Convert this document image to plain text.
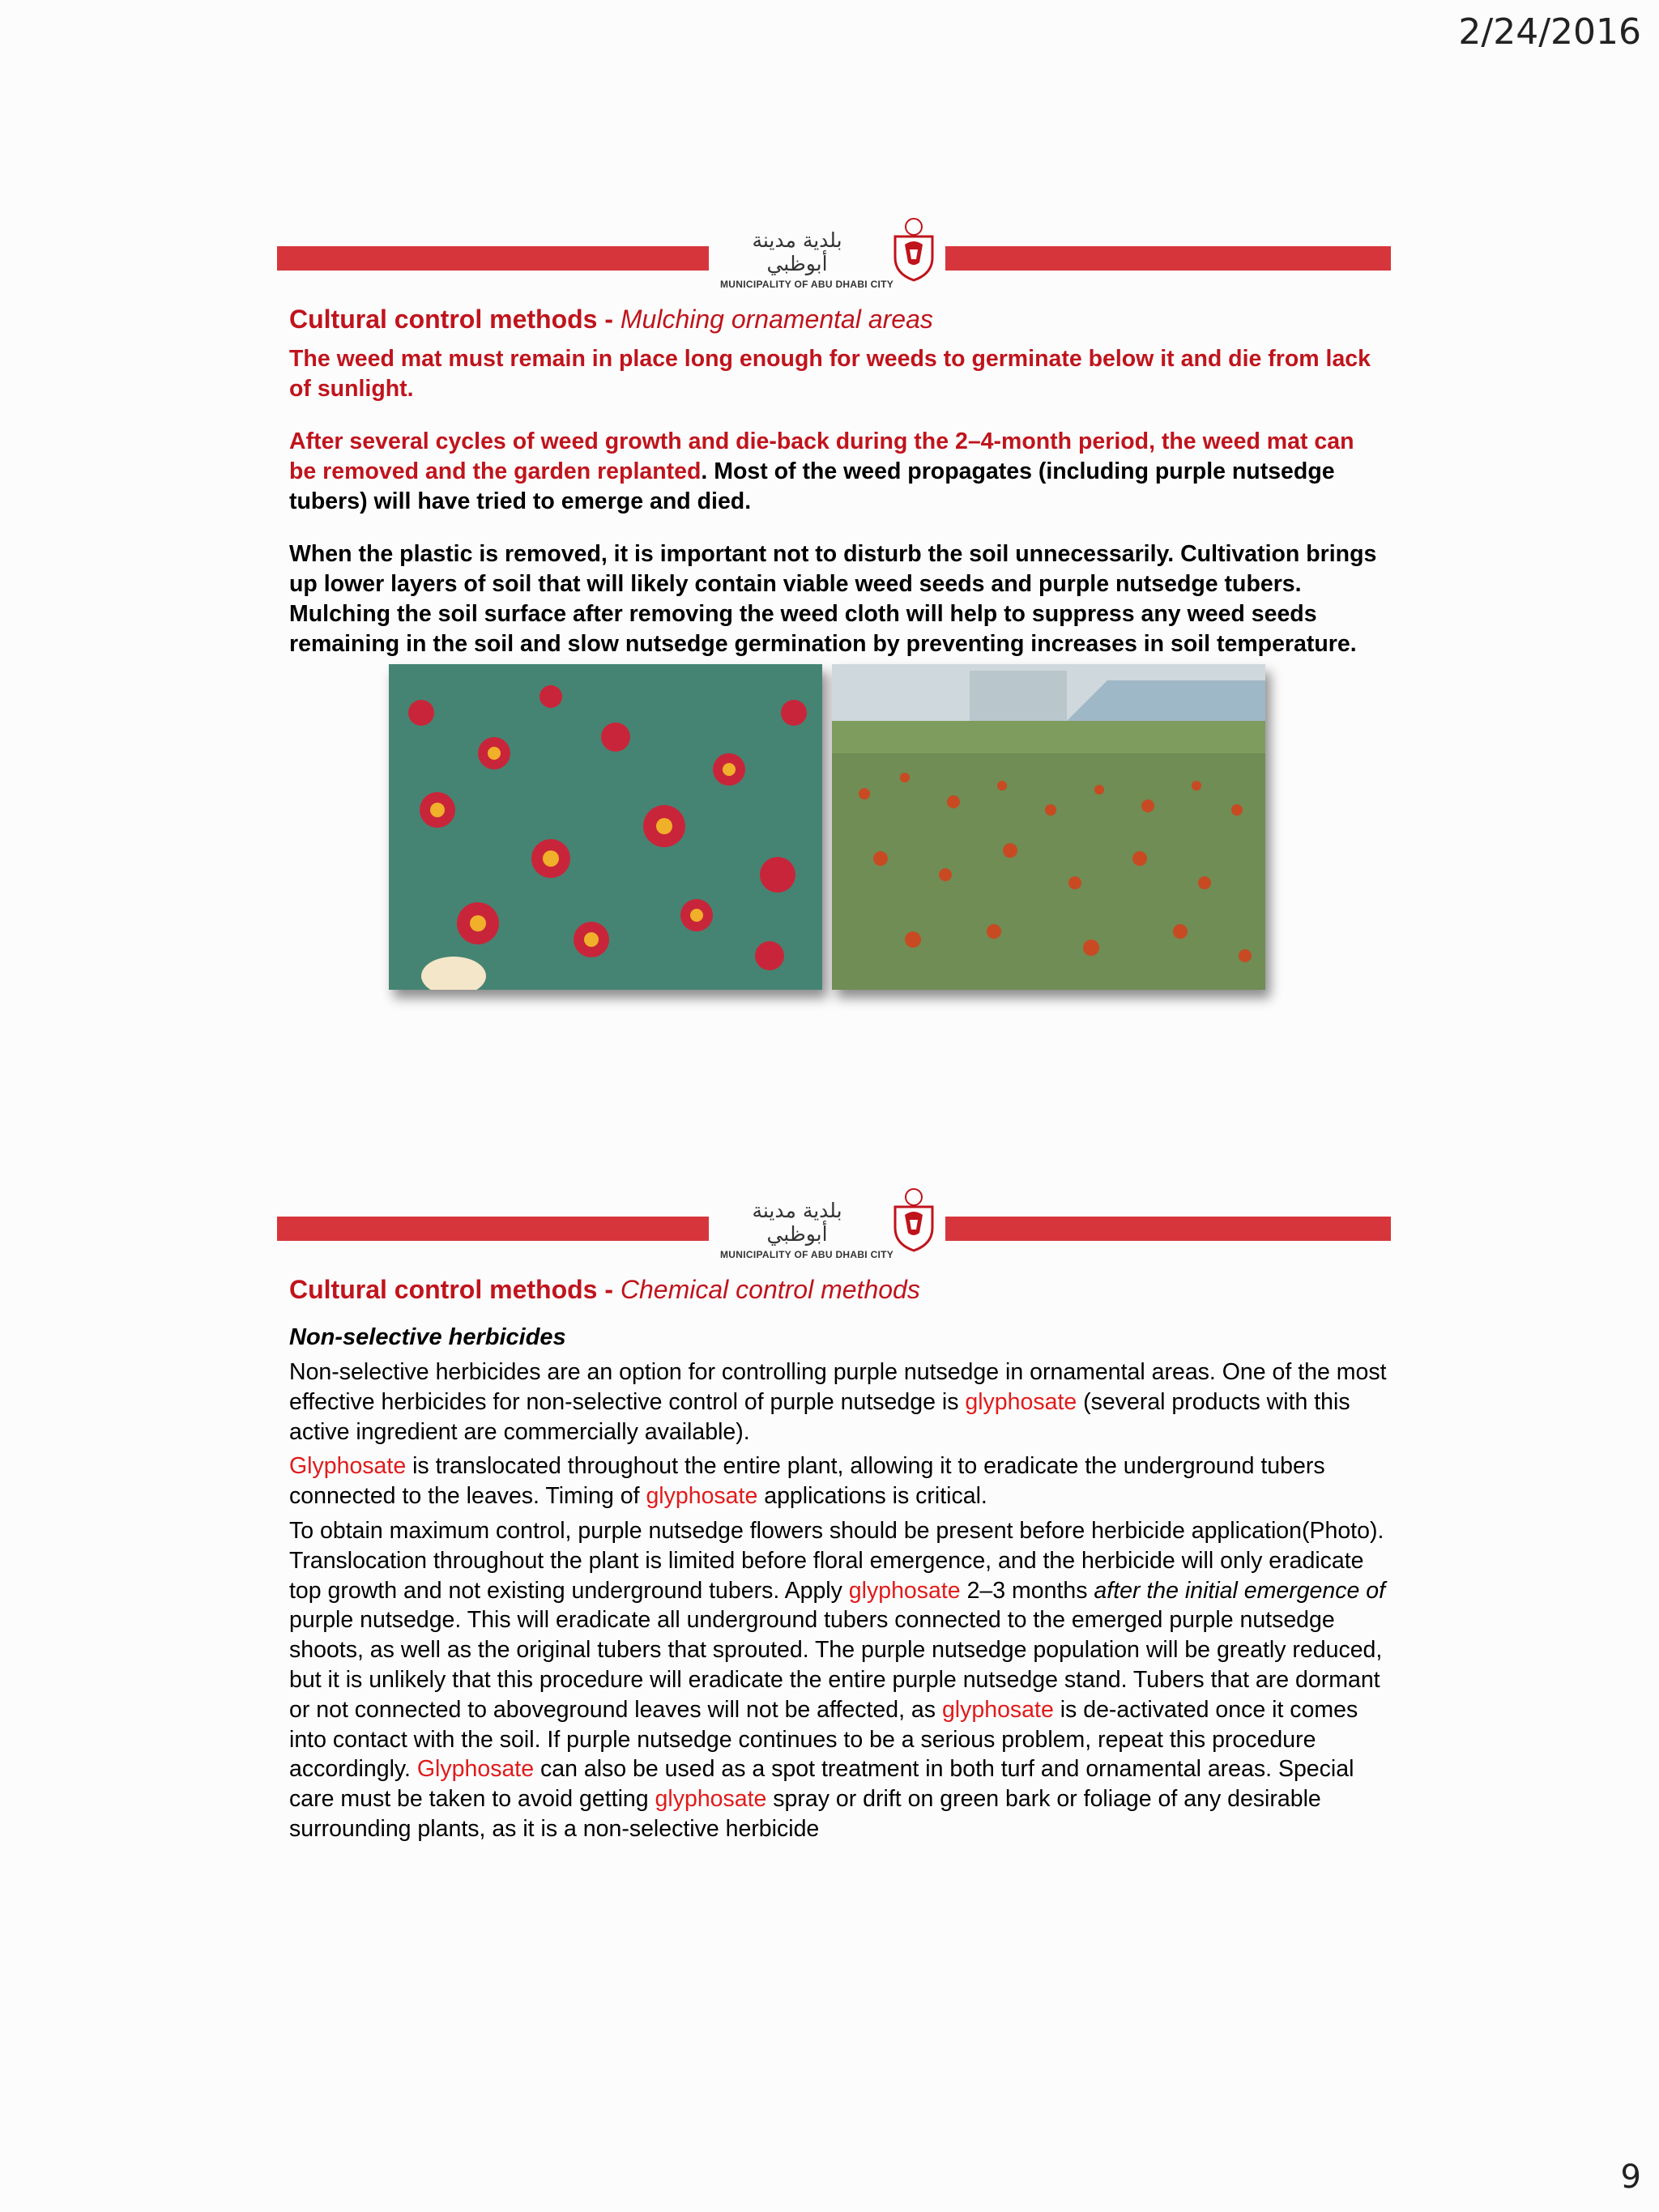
2/24/2016
بلدية مدينة أبوظبي
MUNICIPALITY OF ABU DHABI CITY
Cultural control methods - Mulching ornamental areas
The weed mat must remain in place long enough for weeds to germinate below it and die from lack of sunlight.
After several cycles of weed growth and die-back during the 2–4-month period, the weed mat can be removed and the garden replanted. Most of the weed propagates (including purple nutsedge tubers) will have tried to emerge and died.
When the plastic is removed, it is important not to disturb the soil unnecessarily. Cultivation brings up lower layers of soil that will likely contain viable weed seeds and purple nutsedge tubers. Mulching the soil surface after removing the weed cloth will help to suppress any weed seeds remaining in the soil and slow nutsedge germination by preventing increases in soil temperature.
بلدية مدينة أبوظبي
MUNICIPALITY OF ABU DHABI CITY
Cultural control methods - Chemical control methods
Non-selective herbicides

Non-selective herbicides are an option for controlling purple nutsedge in ornamental areas. One of the most effective herbicides for non-selective control of purple nutsedge is glyphosate (several products with this active ingredient are commercially available).

Glyphosate is translocated throughout the entire plant, allowing it to eradicate the underground tubers connected to the leaves. Timing of glyphosate applications is critical.

To obtain maximum control, purple nutsedge flowers should be present before herbicide application(Photo). Translocation throughout the plant is limited before floral emergence, and the herbicide will only eradicate top growth and not existing underground tubers. Apply glyphosate 2–3 months after the initial emergence of purple nutsedge. This will eradicate all underground tubers connected to the emerged purple nutsedge shoots, as well as the original tubers that sprouted. The purple nutsedge population will be greatly reduced, but it is unlikely that this procedure will eradicate the entire purple nutsedge stand. Tubers that are dormant or not connected to aboveground leaves will not be affected, as glyphosate is de-activated once it comes into contact with the soil. If purple nutsedge continues to be a serious problem, repeat this procedure accordingly. Glyphosate can also be used as a spot treatment in both turf and ornamental areas. Special care must be taken to avoid getting glyphosate spray or drift on green bark or foliage of any desirable surrounding plants, as it is a non-selective herbicide

9
